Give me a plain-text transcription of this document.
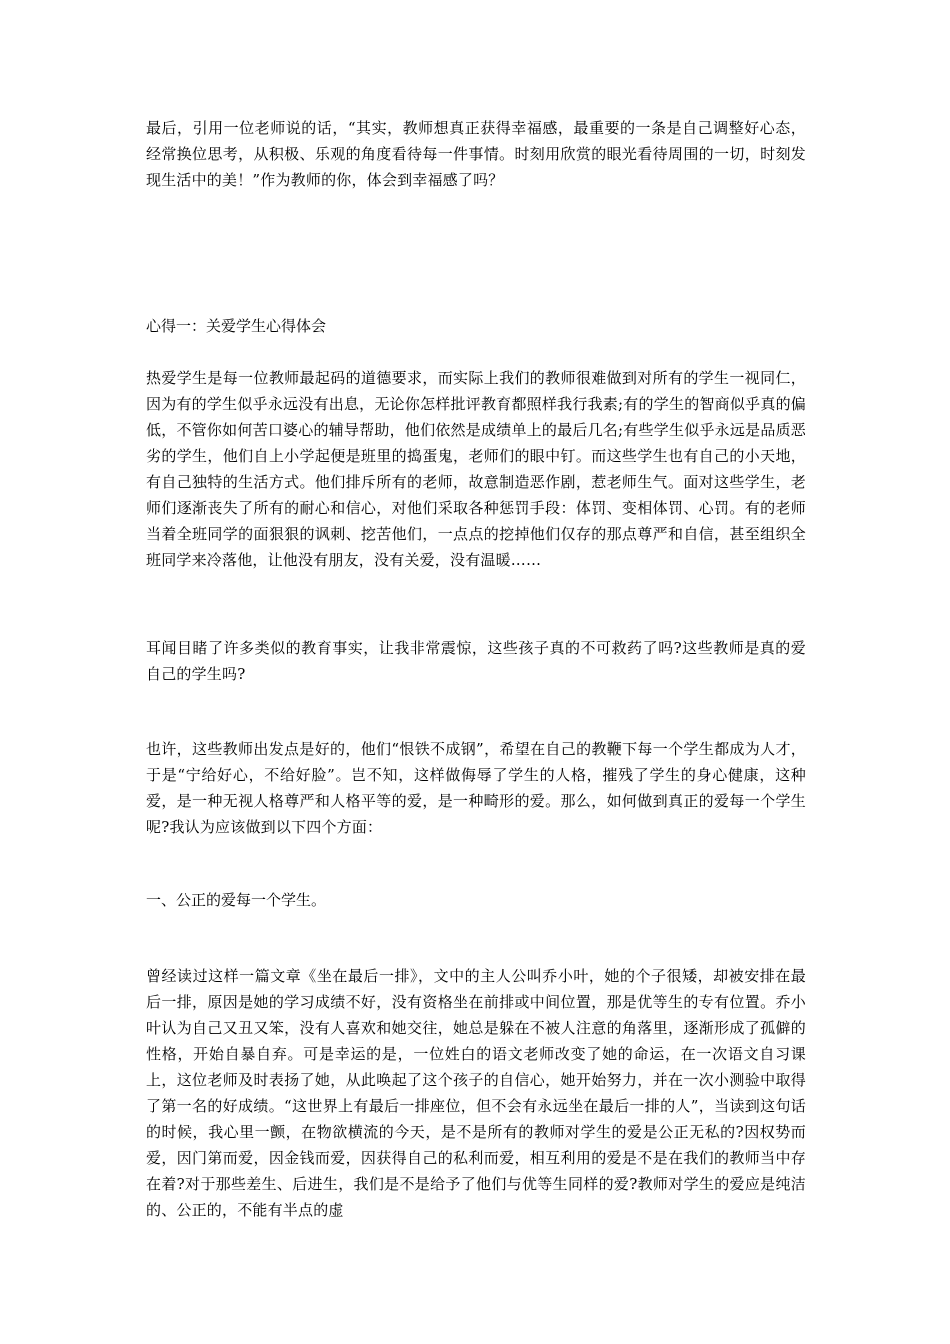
最后，引用一位老师说的话，“其实，教师想真正获得幸福感，最重要的一条是自己调整好心态，经常换位思考，从积极、乐观的角度看待每一件事情。时刻用欣赏的眼光看待周围的一切，时刻发现生活中的美！”作为教师的你，体会到幸福感了吗？

心得一：关爱学生心得体会

热爱学生是每一位教师最起码的道德要求，而实际上我们的教师很难做到对所有的学生一视同仁，因为有的学生似乎永远没有出息，无论你怎样批评教育都照样我行我素;有的学生的智商似乎真的偏低，不管你如何苦口婆心的辅导帮助，他们依然是成绩单上的最后几名;有些学生似乎永远是品质恶劣的学生，他们自上小学起便是班里的捣蛋鬼，老师们的眼中钉。而这些学生也有自己的小天地，有自己独特的生活方式。他们排斥所有的老师，故意制造恶作剧，惹老师生气。面对这些学生，老师们逐渐丧失了所有的耐心和信心，对他们采取各种惩罚手段：体罚、变相体罚、心罚。有的老师当着全班同学的面狠狠的讽刺、挖苦他们，一点点的挖掉他们仅存的那点尊严和自信，甚至组织全班同学来冷落他，让他没有朋友，没有关爱，没有温暖……

耳闻目睹了许多类似的教育事实，让我非常震惊，这些孩子真的不可救药了吗?这些教师是真的爱自己的学生吗?

也许，这些教师出发点是好的，他们“恨铁不成钢”，希望在自己的教鞭下每一个学生都成为人才，于是“宁给好心，不给好脸”。岂不知，这样做侮辱了学生的人格，摧残了学生的身心健康，这种爱，是一种无视人格尊严和人格平等的爱，是一种畸形的爱。那么，如何做到真正的爱每一个学生呢?我认为应该做到以下四个方面：

一、公正的爱每一个学生。

曾经读过这样一篇文章《坐在最后一排》，文中的主人公叫乔小叶，她的个子很矮，却被安排在最后一排，原因是她的学习成绩不好，没有资格坐在前排或中间位置，那是优等生的专有位置。乔小叶认为自己又丑又笨，没有人喜欢和她交往，她总是躲在不被人注意的角落里，逐渐形成了孤僻的性格，开始自暴自弃。可是幸运的是，一位姓白的语文老师改变了她的命运，在一次语文自习课上，这位老师及时表扬了她，从此唤起了这个孩子的自信心，她开始努力，并在一次小测验中取得了第一名的好成绩。“这世界上有最后一排座位，但不会有永远坐在最后一排的人”，当读到这句话的时候，我心里一颤，在物欲横流的今天，是不是所有的教师对学生的爱是公正无私的?因权势而爱，因门第而爱，因金钱而爱，因获得自己的私利而爱，相互利用的爱是不是在我们的教师当中存在着?对于那些差生、后进生，我们是不是给予了他们与优等生同样的爱?教师对学生的爱应是纯洁的、公正的，不能有半点的虚
